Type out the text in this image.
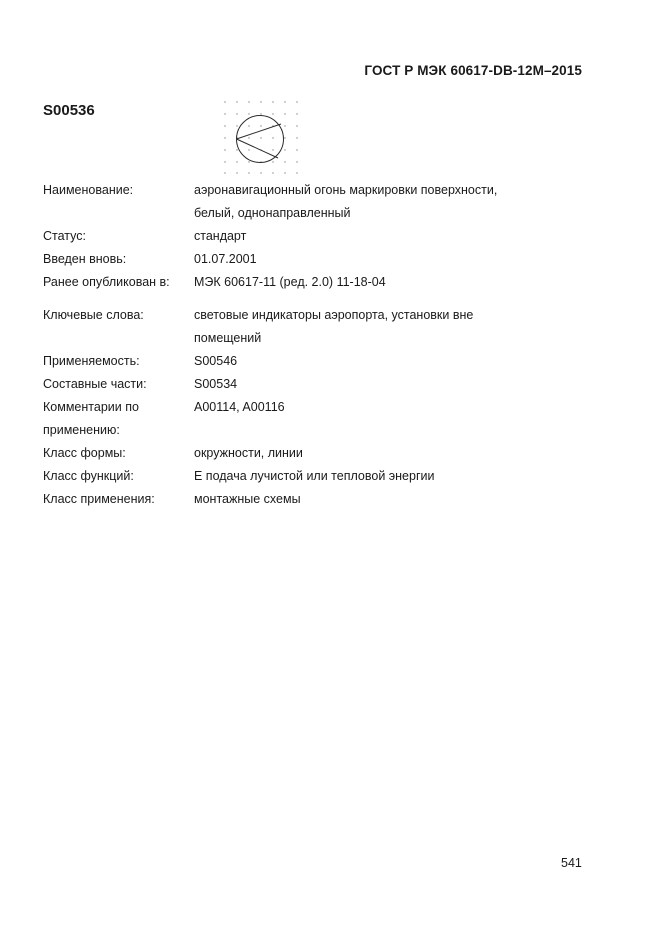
ГОСТ Р МЭК 60617-DB-12M–2015
S00536
Наименование:	аэронавигационный огонь маркировки поверхности,
белый, однонаправленный
Статус:	стандарт
Введен вновь:	01.07.2001
Ранее опубликован в:	МЭК 60617-11 (ред. 2.0) 11-18-04
Ключевые слова:	световые индикаторы аэропорта, установки вне
помещений
Применяемость:	S00546
Составные части:	S00534
Комментарии по
применению:
A00114, A00116
Класс формы:	окружности, линии
Класс функций:	E подача лучистой или тепловой энергии
Класс применения:	монтажные схемы
541
